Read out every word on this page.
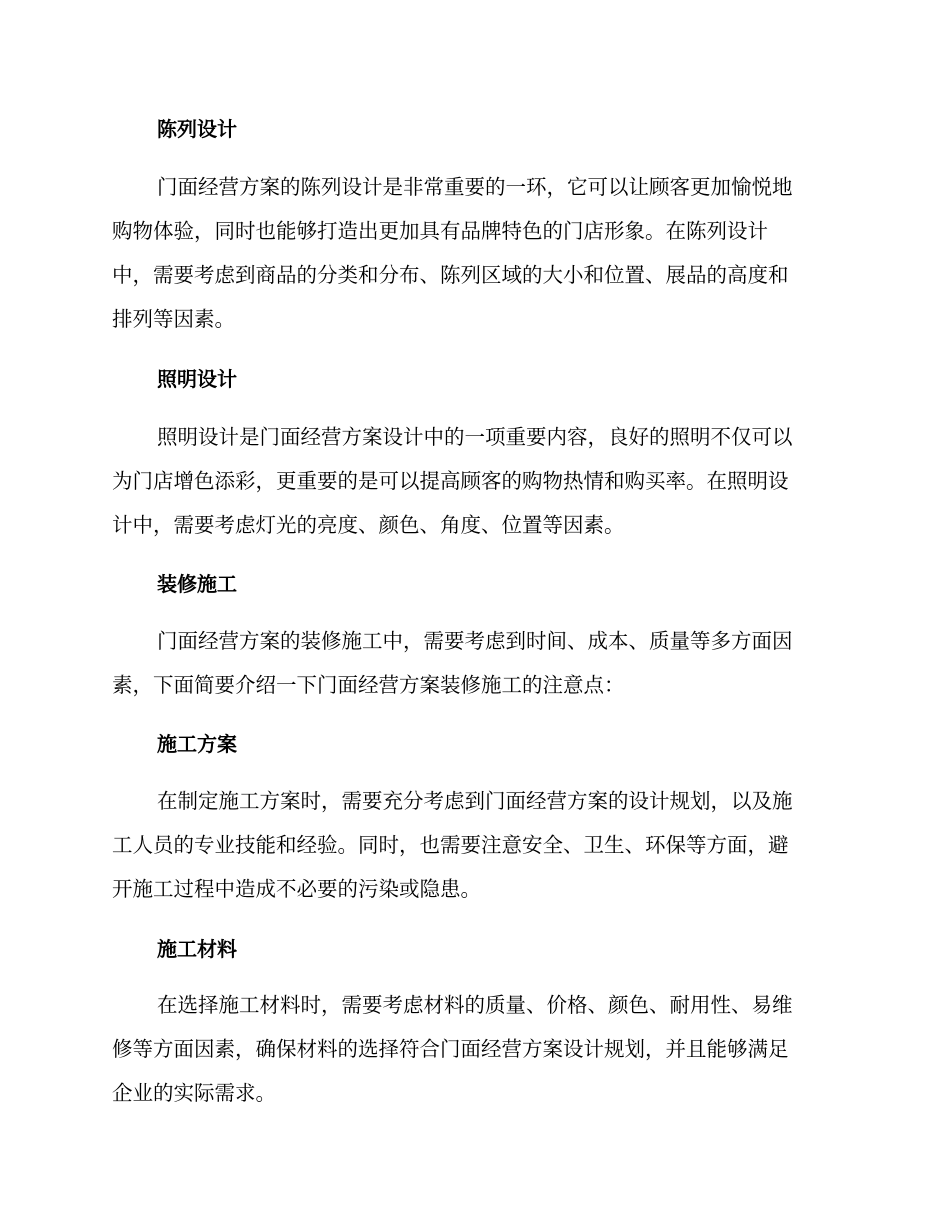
陈列设计
门面经营方案的陈列设计是非常重要的一环，它可以让顾客更加愉悦地
购物体验，同时也能够打造出更加具有品牌特色的门店形象。在陈列设计
中，需要考虑到商品的分类和分布、陈列区域的大小和位置、展品的高度和
排列等因素。
照明设计
照明设计是门面经营方案设计中的一项重要内容，良好的照明不仅可以
为门店增色添彩，更重要的是可以提高顾客的购物热情和购买率。在照明设
计中，需要考虑灯光的亮度、颜色、角度、位置等因素。
装修施工
门面经营方案的装修施工中，需要考虑到时间、成本、质量等多方面因
素，下面简要介绍一下门面经营方案装修施工的注意点：
施工方案
在制定施工方案时，需要充分考虑到门面经营方案的设计规划，以及施
工人员的专业技能和经验。同时，也需要注意安全、卫生、环保等方面，避
开施工过程中造成不必要的污染或隐患。
施工材料
在选择施工材料时，需要考虑材料的质量、价格、颜色、耐用性、易维
修等方面因素，确保材料的选择符合门面经营方案设计规划，并且能够满足
企业的实际需求。
